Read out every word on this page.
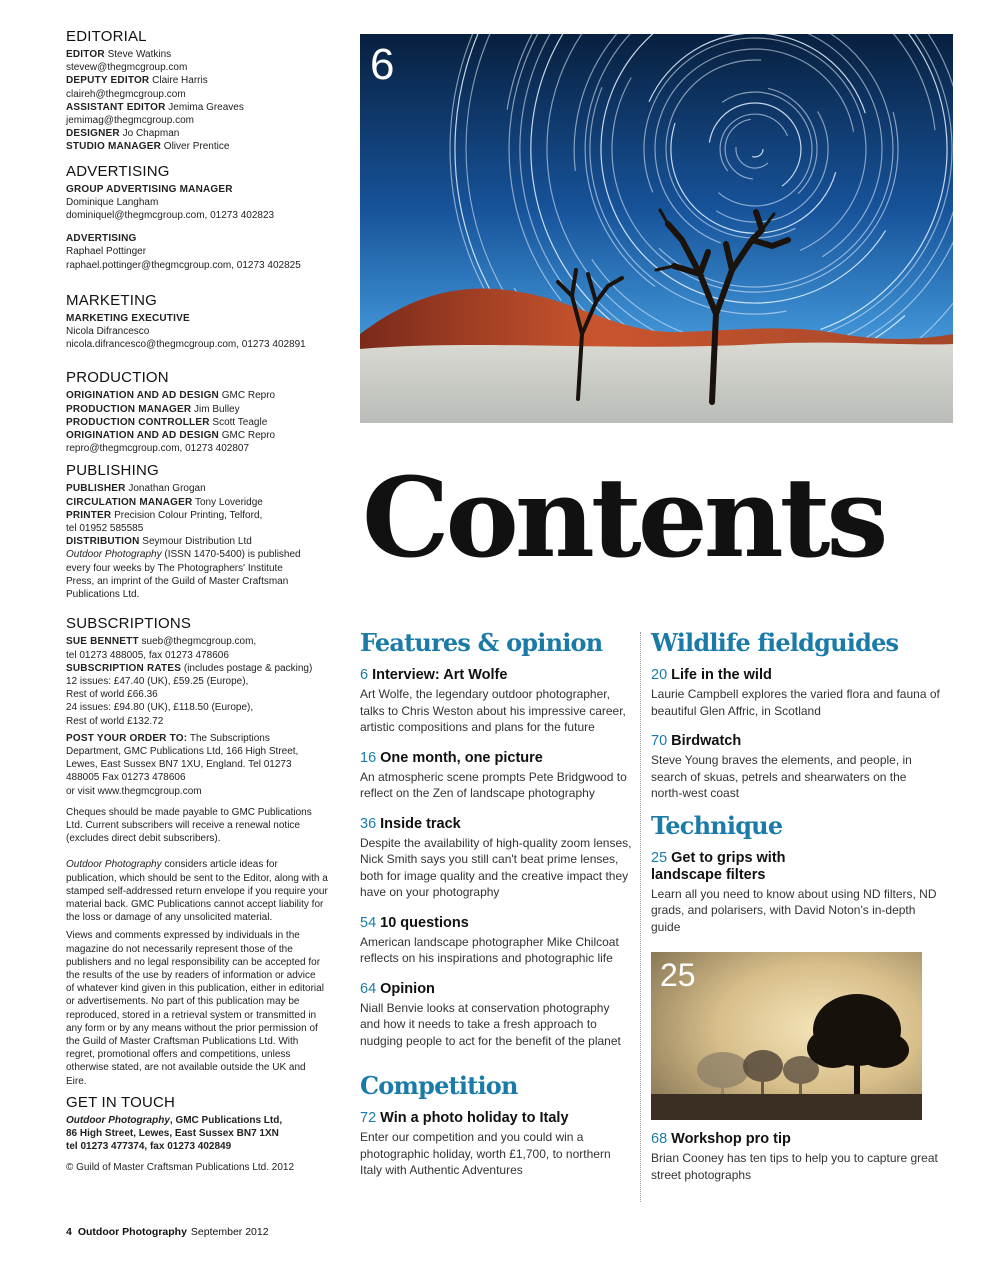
EDITORIAL
EDITOR Steve Watkins
stevew@thegmcgroup.com
DEPUTY EDITOR Claire Harris
claireh@thegmcgroup.com
ASSISTANT EDITOR Jemima Greaves
jemimag@thegmcgroup.com
DESIGNER Jo Chapman
STUDIO MANAGER Oliver Prentice
ADVERTISING
GROUP ADVERTISING MANAGER
Dominique Langham
dominiquel@thegmcgroup.com, 01273 402823
ADVERTISING
Raphael Pottinger
raphael.pottinger@thegmcgroup.com, 01273 402825
MARKETING
MARKETING EXECUTIVE
Nicola Difrancesco
nicola.difrancesco@thegmcgroup.com, 01273 402891
PRODUCTION
ORIGINATION AND AD DESIGN GMC Repro
PRODUCTION MANAGER Jim Bulley
PRODUCTION CONTROLLER Scott Teagle
ORIGINATION AND AD DESIGN GMC Repro
repro@thegmcgroup.com, 01273 402807
PUBLISHING
PUBLISHER Jonathan Grogan
CIRCULATION MANAGER Tony Loveridge
PRINTER Precision Colour Printing, Telford,
tel 01952 585585
DISTRIBUTION Seymour Distribution Ltd
Outdoor Photography (ISSN 1470-5400) is published every four weeks by The Photographers' Institute Press, an imprint of the Guild of Master Craftsman Publications Ltd.
SUBSCRIPTIONS
SUE BENNETT sueb@thegmcgroup.com,
tel 01273 488005, fax 01273 478606
SUBSCRIPTION RATES (includes postage & packing)
12 issues: £47.40 (UK), £59.25 (Europe),
Rest of world £66.36
24 issues: £94.80 (UK), £118.50 (Europe),
Rest of world £132.72
POST YOUR ORDER TO: The Subscriptions Department, GMC Publications Ltd, 166 High Street, Lewes, East Sussex BN7 1XU, England. Tel 01273 488005 Fax 01273 478606
or visit www.thegmcgroup.com
Cheques should be made payable to GMC Publications Ltd. Current subscribers will receive a renewal notice (excludes direct debit subscribers).
Outdoor Photography considers article ideas for publication, which should be sent to the Editor, along with a stamped self-addressed return envelope if you require your material back. GMC Publications cannot accept liability for the loss or damage of any unsolicited material.
Views and comments expressed by individuals in the magazine do not necessarily represent those of the publishers and no legal responsibility can be accepted for the results of the use by readers of information or advice of whatever kind given in this publication, either in editorial or advertisements. No part of this publication may be reproduced, stored in a retrieval system or transmitted in any form or by any means without the prior permission of the Guild of Master Craftsman Publications Ltd. With regret, promotional offers and competitions, unless otherwise stated, are not available outside the UK and Eire.
GET IN TOUCH
Outdoor Photography, GMC Publications Ltd,
86 High Street, Lewes, East Sussex BN7 1XN
tel 01273 477374, fax 01273 402849
© Guild of Master Craftsman Publications Ltd. 2012
6
Contents
Features & opinion
6 Interview: Art Wolfe
Art Wolfe, the legendary outdoor photographer, talks to Chris Weston about his impressive career, artistic compositions and plans for the future
16 One month, one picture
An atmospheric scene prompts Pete Bridgwood to reflect on the Zen of landscape photography
36 Inside track
Despite the availability of high-quality zoom lenses, Nick Smith says you still can't beat prime lenses, both for image quality and the creative impact they have on your photography
54 10 questions
American landscape photographer Mike Chilcoat reflects on his inspirations and photographic life
64 Opinion
Niall Benvie looks at conservation photography and how it needs to take a fresh approach to nudging people to act for the benefit of the planet
Competition
72 Win a photo holiday to Italy
Enter our competition and you could win a photographic holiday, worth £1,700, to northern Italy with Authentic Adventures
Wildlife fieldguides
20 Life in the wild
Laurie Campbell explores the varied flora and fauna of beautiful Glen Affric, in Scotland
70 Birdwatch
Steve Young braves the elements, and people, in search of skuas, petrels and shearwaters on the north-west coast
Technique
25 Get to grips with
landscape filters
Learn all you need to know about using ND filters, ND grads, and polarisers, with David Noton's in-depth guide
25
68 Workshop pro tip
Brian Cooney has ten tips to help you to capture great street photographs
4 Outdoor Photography September 2012
